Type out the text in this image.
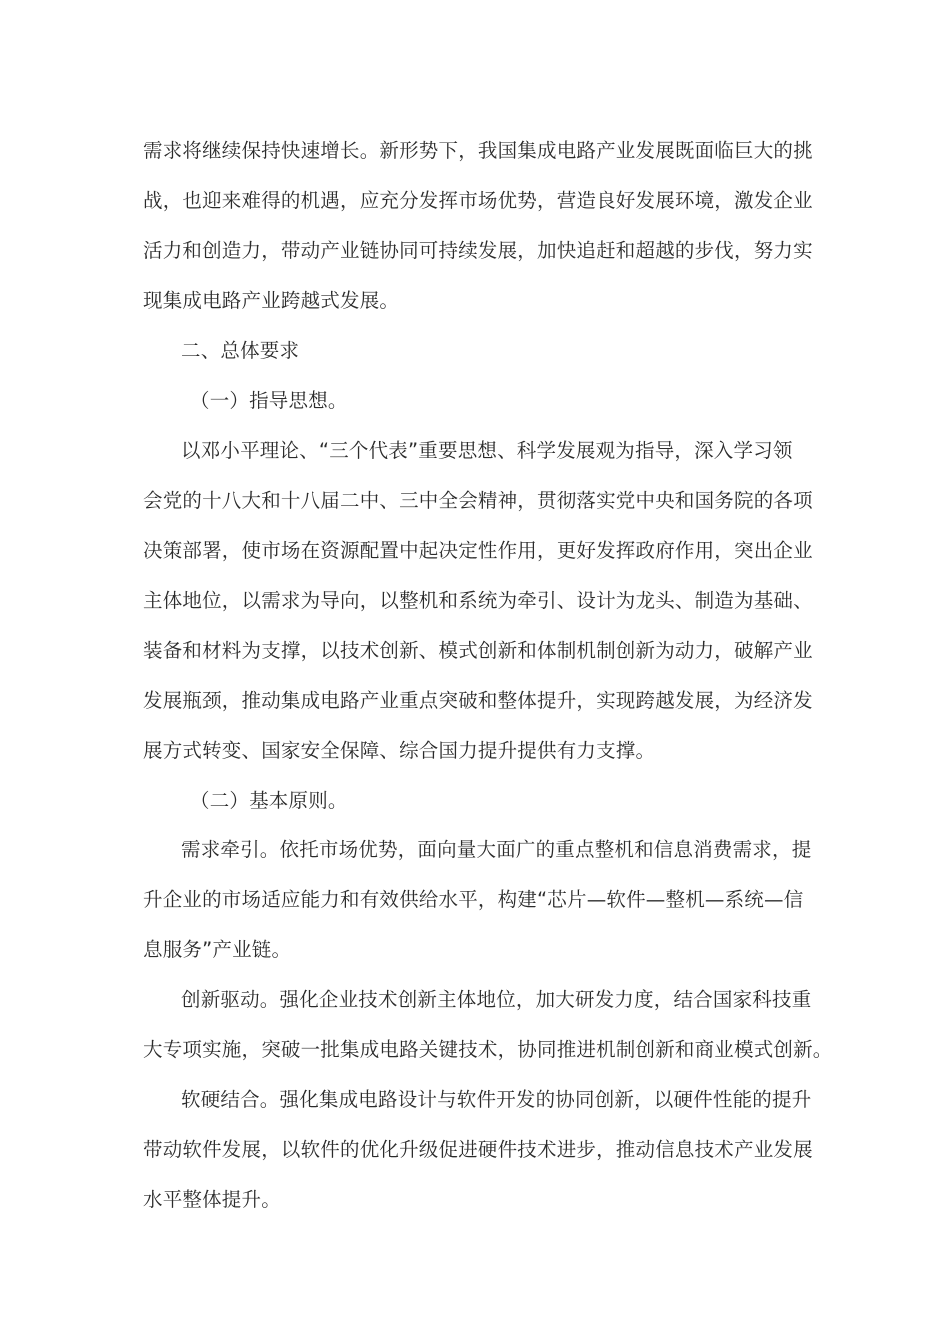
需求将继续保持快速增长。新形势下，我国集成电路产业发展既面临巨大的挑
战，也迎来难得的机遇，应充分发挥市场优势，营造良好发展环境，激发企业
活力和创造力，带动产业链协同可持续发展，加快追赶和超越的步伐，努力实
现集成电路产业跨越式发展。
二、总体要求
（一）指导思想。
以邓小平理论、“三个代表”重要思想、科学发展观为指导，深入学习领
会党的十八大和十八届二中、三中全会精神，贯彻落实党中央和国务院的各项
决策部署，使市场在资源配置中起决定性作用，更好发挥政府作用，突出企业
主体地位，以需求为导向，以整机和系统为牵引、设计为龙头、制造为基础、
装备和材料为支撑，以技术创新、模式创新和体制机制创新为动力，破解产业
发展瓶颈，推动集成电路产业重点突破和整体提升，实现跨越发展，为经济发
展方式转变、国家安全保障、综合国力提升提供有力支撑。
（二）基本原则。
需求牵引。依托市场优势，面向量大面广的重点整机和信息消费需求，提
升企业的市场适应能力和有效供给水平，构建“芯片—软件—整机—系统—信
息服务”产业链。
创新驱动。强化企业技术创新主体地位，加大研发力度，结合国家科技重
大专项实施，突破一批集成电路关键技术，协同推进机制创新和商业模式创新。
软硬结合。强化集成电路设计与软件开发的协同创新，以硬件性能的提升
带动软件发展，以软件的优化升级促进硬件技术进步，推动信息技术产业发展
水平整体提升。
